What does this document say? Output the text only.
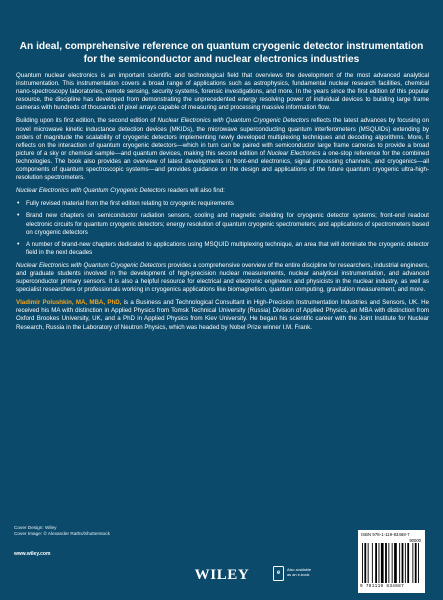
An ideal, comprehensive reference on quantum cryogenic detector instrumentation for the semiconductor and nuclear electronics industries

Quantum nuclear electronics is an important scientific and technological field that overviews the development of the most advanced analytical instrumentation. This instrumentation covers a broad range of applications such as astrophysics, fundamental nuclear research facilities, chemical nano-spectroscopy laboratories, remote sensing, security systems, forensic investigations, and more. In the years since the first edition of this popular resource, the discipline has developed from demonstrating the unprecedented energy resolving power of individual devices to building large frame cameras with hundreds of thousands of pixel arrays capable of measuring and processing massive information flow.

Building upon its first edition, the second edition of Nuclear Electronics with Quantum Cryogenic Detectors reflects the latest advances by focusing on novel microwave kinetic inductance detection devices (MKIDs), the microwave superconducting quantum interferometers (MSQUIDs) extending by orders of magnitude the scalability of cryogenic detectors implementing newly developed multiplexing techniques and decoding algorithms. More, it reflects on the interaction of quantum cryogenic detectors—which in turn can be paired with semiconductor large frame cameras to provide a broad picture of a sky or chemical sample—and quantum devices, making this second edition of Nuclear Electronics a one-stop reference for the combined technologies. The book also provides an overview of latest developments in front-end electronics, signal processing channels, and cryogenics—all components of quantum spectroscopic systems—and provides guidance on the design and applications of the future quantum cryogenic ultra-high-resolution spectrometers.

Nuclear Electronics with Quantum Cryogenic Detectors readers will also find:

• Fully revised material from the first edition relating to cryogenic requirements
• Brand new chapters on semiconductor radiation sensors, cooling and magnetic shielding for cryogenic detector systems; front-end readout electronic circuits for quantum cryogenic detectors; energy resolution of quantum cryogenic spectrometers; and applications of spectrometers based on cryogenic detectors
• A number of brand-new chapters dedicated to applications using MSQUID multiplexing technique, an area that will dominate the cryogenic detector field in the next decades

Nuclear Electronics with Quantum Cryogenic Detectors provides a comprehensive overview of the entire discipline for researchers, industrial engineers, and graduate students involved in the development of high-precision nuclear measurements, nuclear analytical instrumentation, and advanced superconductor primary sensors. It is also a helpful resource for electrical and electronic engineers and physicists in the nuclear industry, as well as specialist researchers or professionals working in cryogenics applications like biomagnetism, quantum computing, gravitation measurement, and more.

Vladimir Polushkin, MA, MBA, PhD, is a Business and Technological Consultant in High-Precision Instrumentation Industries and Sensors, UK. He received his MA with distinction in Applied Physics from Tomsk Technical University (Russia) Division of Applied Physics, an MBA with distinction from Oxford Brookes University, UK, and a PhD in Applied Physics from Kiev University. He began his scientific career with the Joint Institute for Nuclear Research, Russia in the Laboratory of Neutron Physics, which was headed by Nobel Prize winner I.M. Frank.

Cover Design: Wiley
Cover Image: © Alexander Raths/Shutterstock
www.wiley.com
WILEY	e
Also available
as an e-book
ISBN 978-1-119-83468-7
90000
9 781119 834687
